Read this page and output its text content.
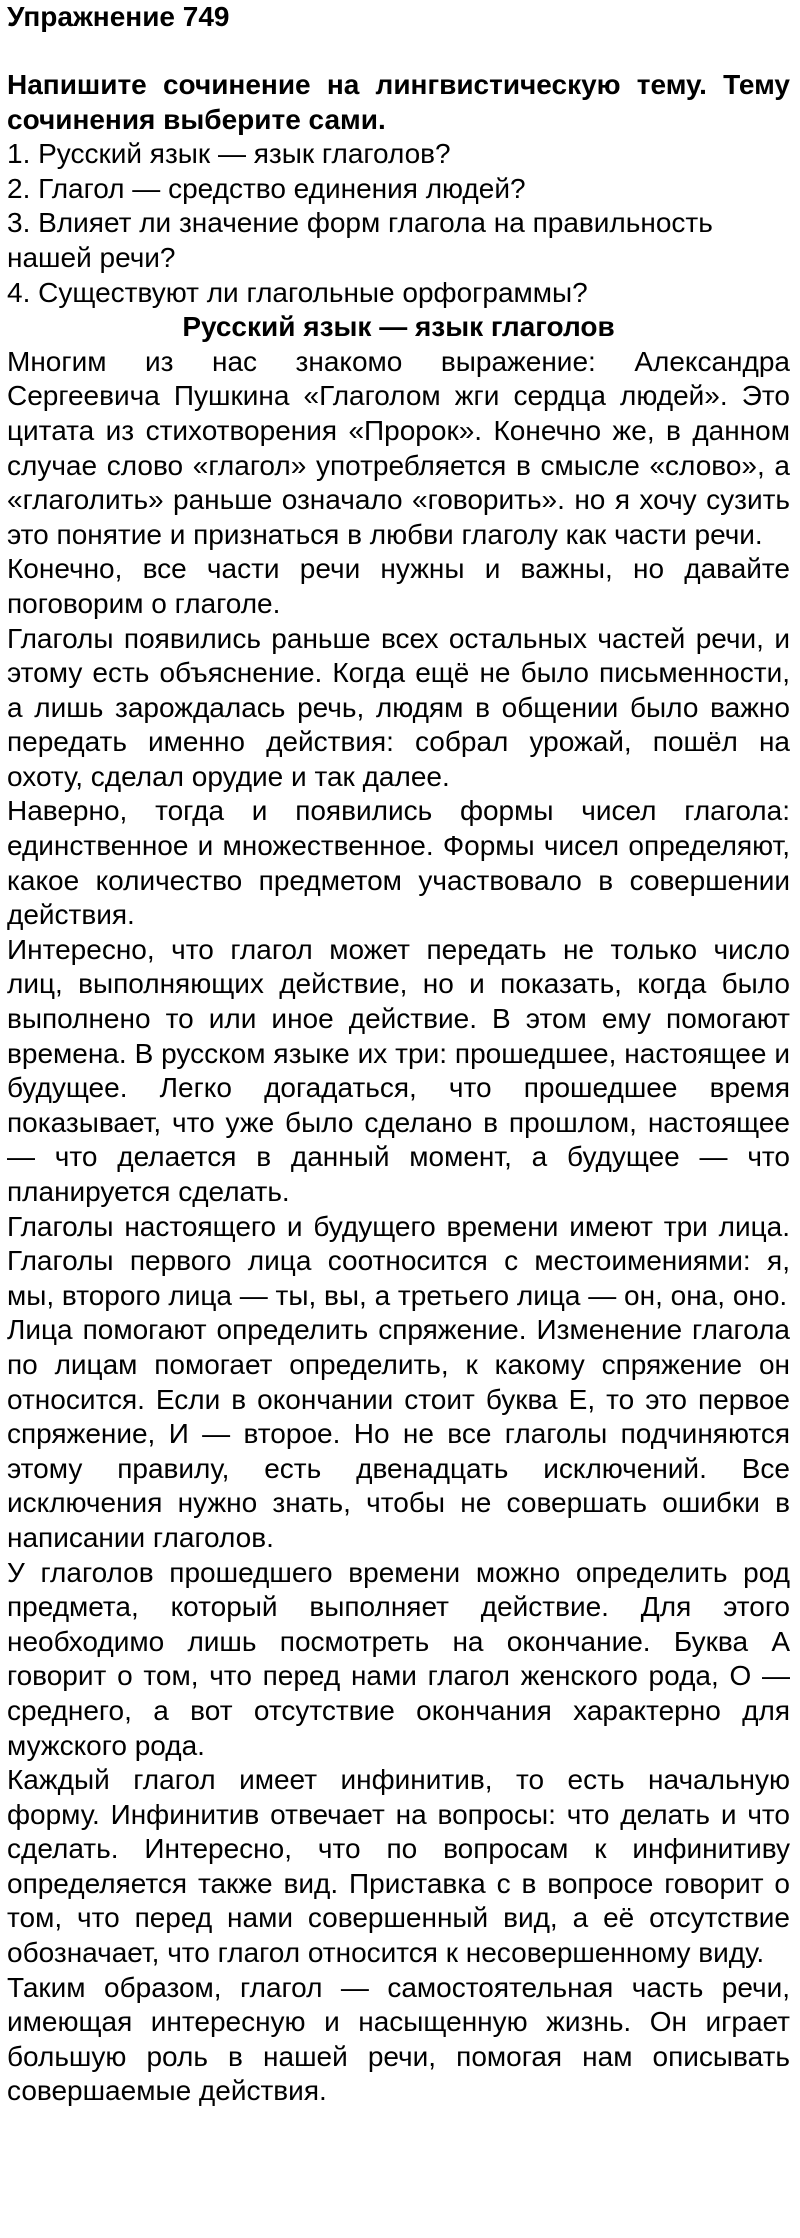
Упражнение 749

Напишите сочинение на лингвистическую тему. Тему сочинения выберите сами.

1. Русский язык — язык глаголов?
2. Глагол — средство единения людей?
3. Влияет ли значение форм глагола на правильность нашей речи?
4. Существуют ли глагольные орфограммы?
Русский язык — язык глаголов

Многим из нас знакомо выражение: Александра Сергеевича Пушкина «Глаголом жги сердца людей». Это цитата из стихотворения «Пророк». Конечно же, в данном случае слово «глагол» употребляется в смысле «слово», а «глаголить» раньше означало «говорить». но я хочу сузить это понятие и признаться в любви глаголу как части речи.

Конечно, все части речи нужны и важны, но давайте поговорим о глаголе.

Глаголы появились раньше всех остальных частей речи, и этому есть объяснение. Когда ещё не было письменности, а лишь зарождалась речь, людям в общении было важно передать именно действия: собрал урожай, пошёл на охоту, сделал орудие и так далее.

Наверно, тогда и появились формы чисел глагола: единственное и множественное. Формы чисел определяют, какое количество предметом участвовало в совершении действия.

Интересно, что глагол может передать не только число лиц, выполняющих действие, но и показать, когда было выполнено то или иное действие. В этом ему помогают времена. В русском языке их три: прошедшее, настоящее и будущее. Легко догадаться, что прошедшее время показывает, что уже было сделано в прошлом, настоящее — что делается в данный момент, а будущее — что планируется сделать.

Глаголы настоящего и будущего времени имеют три лица. Глаголы первого лица соотносится с местоимениями: я, мы, второго лица — ты, вы, а третьего лица — он, она, оно.

Лица помогают определить спряжение. Изменение глагола по лицам помогает определить, к какому спряжение он относится. Если в окончании стоит буква Е, то это первое спряжение, И — второе. Но не все глаголы подчиняются этому правилу, есть двенадцать исключений. Все исключения нужно знать, чтобы не совершать ошибки в написании глаголов.

У глаголов прошедшего времени можно определить род предмета, который выполняет действие. Для этого необходимо лишь посмотреть на окончание. Буква А говорит о том, что перед нами глагол женского рода, О — среднего, а вот отсутствие окончания характерно для мужского рода.

Каждый глагол имеет инфинитив, то есть начальную форму. Инфинитив отвечает на вопросы: что делать и что сделать. Интересно, что по вопросам к инфинитиву определяется также вид. Приставка с в вопросе говорит о том, что перед нами совершенный вид, а её отсутствие обозначает, что глагол относится к несовершенному виду.

Таким образом, глагол — самостоятельная часть речи, имеющая интересную и насыщенную жизнь. Он играет большую роль в нашей речи, помогая нам описывать совершаемые действия.
